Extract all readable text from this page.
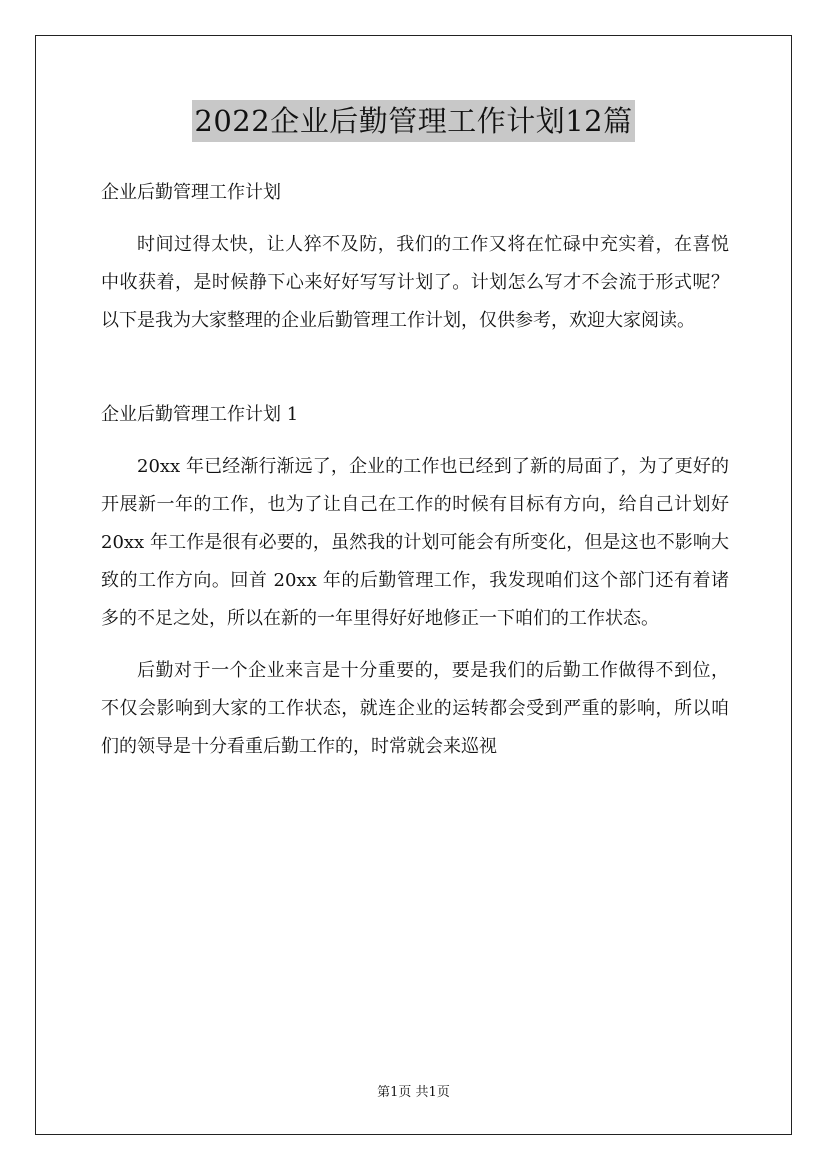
2022企业后勤管理工作计划12篇

企业后勤管理工作计划

时间过得太快，让人猝不及防，我们的工作又将在忙碌中充实着，在喜悦中收获着，是时候静下心来好好写写计划了。计划怎么写才不会流于形式呢？以下是我为大家整理的企业后勤管理工作计划，仅供参考，欢迎大家阅读。

企业后勤管理工作计划 1

20xx 年已经渐行渐远了，企业的工作也已经到了新的局面了，为了更好的开展新一年的工作，也为了让自己在工作的时候有目标有方向，给自己计划好 20xx 年工作是很有必要的，虽然我的计划可能会有所变化，但是这也不影响大致的工作方向。回首 20xx 年的后勤管理工作，我发现咱们这个部门还有着诸多的不足之处，所以在新的一年里得好好地修正一下咱们的工作状态。

后勤对于一个企业来言是十分重要的，要是我们的后勤工作做得不到位，不仅会影响到大家的工作状态，就连企业的运转都会受到严重的影响，所以咱们的领导是十分看重后勤工作的，时常就会来巡视

第1页 共1页
